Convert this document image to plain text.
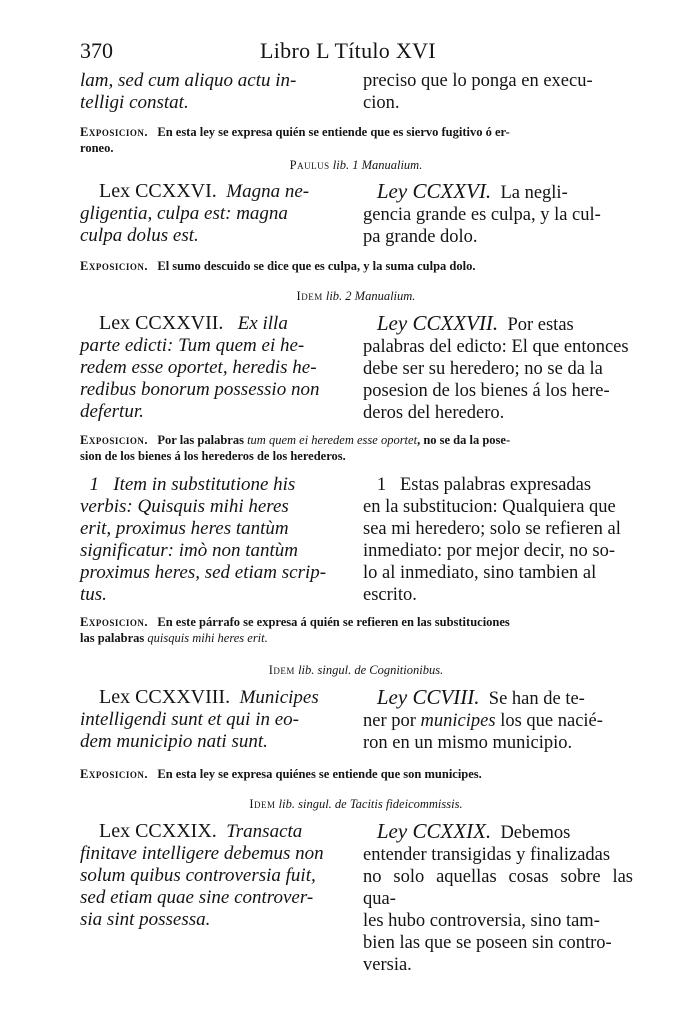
370	Libro L Título XVI

lam, sed cum aliquo actu in-

telligi constat.

preciso que lo ponga en execu-

cion.

Exposicion. En esta ley se expresa quién se entiende que es siervo fugitivo ó er-

roneo.

Paulus lib. 1 Manualium.

Lex CCXXVI. Magna ne-

gligentia, culpa est: magna

culpa dolus est.

Ley CCXXVI. La negli-

gencia grande es culpa, y la cul-

pa grande dolo.

Exposicion. El sumo descuido se dice que es culpa, y la suma culpa dolo.

Idem lib. 2 Manualium.

Lex CCXXVII. Ex illa

parte edicti: Tum quem ei he-

redem esse oportet, heredis he-

redibus bonorum possessio non

defertur.

Ley CCXXVII. Por estas

palabras del edicto: El que entonces

debe ser su heredero; no se da la

posesion de los bienes á los here-

deros del heredero.

Exposicion. Por las palabras tum quem ei heredem esse oportet, no se da la pose-

sion de los bienes á los herederos de los herederos.

1 Item in substitutione his

verbis: Quisquis mihi heres

erit, proximus heres tantùm

significatur: imò non tantùm

proximus heres, sed etiam scrip-

tus.

1 Estas palabras expresadas

en la substitucion: Qualquiera que

sea mi heredero; solo se refieren al

inmediato: por mejor decir, no so-

lo al inmediato, sino tambien al

escrito.

Exposicion. En este párrafo se expresa á quién se refieren en las substituciones

las palabras quisquis mihi heres erit.

Idem lib. singul. de Cognitionibus.

Lex CCXXVIII. Municipes

intelligendi sunt et qui in eo-

dem municipio nati sunt.

Ley CCVIII. Se han de te-

ner por municipes los que nacié-

ron en un mismo municipio.

Exposicion. En esta ley se expresa quiénes se entiende que son municipes.

Idem lib. singul. de Tacitis fideicommissis.

Lex CCXXIX. Transacta

finitave intelligere debemus non

solum quibus controversia fuit,

sed etiam quae sine controver-

sia sint possessa.

Ley CCXXIX. Debemos

entender transigidas y finalizadas

no solo aquellas cosas sobre las qua-

les hubo controversia, sino tam-

bien las que se poseen sin contro-

versia.
